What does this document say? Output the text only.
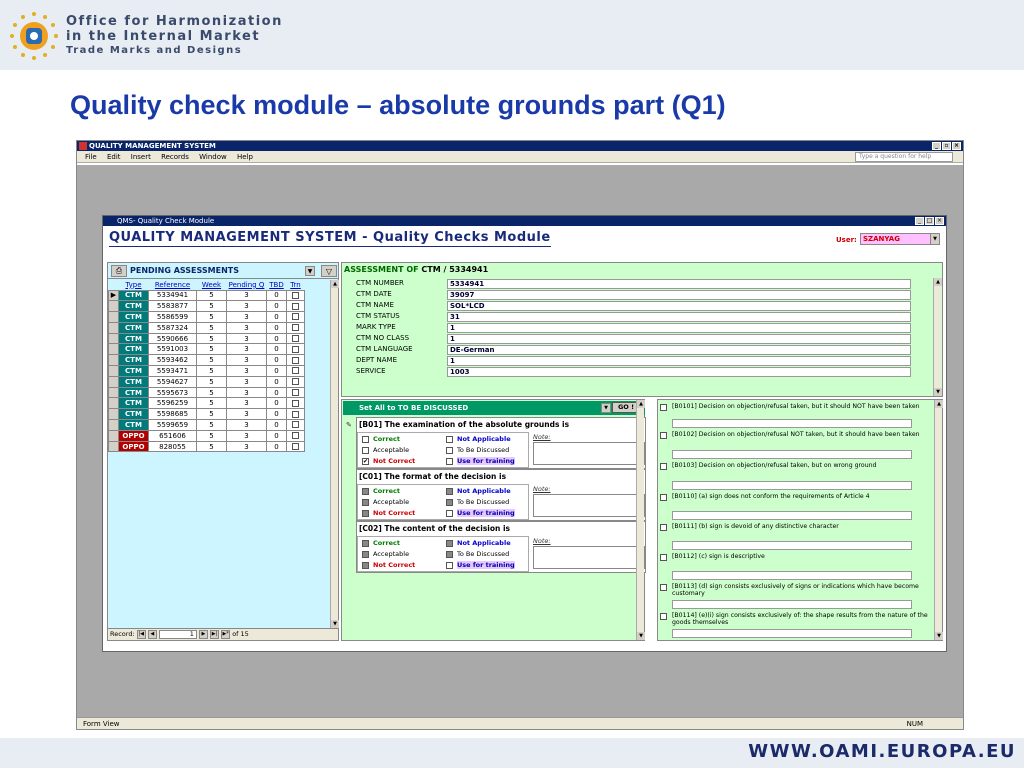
Office for Harmonization
in the Internal Market
Trade Marks and Designs
Quality check module – absolute grounds part (Q1)
QUALITY MANAGEMENT SYSTEM	_	▫ ×
File Edit Insert Records Window Help	Type a question for help
QMS- Quality Check Module	_ □ ×
QUALITY MANAGEMENT SYSTEM - Quality Checks Module	User: SZANYAG	▼
⎙ PENDING ASSESSMENTS	▼	▽
	Type	Reference	Week	Pending Q	TBD	Trn
▶	CTM	5334941	5	3	0	
	CTM	5583877	5	3	0	
	CTM	5586599	5	3	0	
	CTM	5587324	5	3	0	
	CTM	5590666	5	3	0	
	CTM	5591003	5	3	0	
	CTM	5593462	5	3	0	
	CTM	5593471	5	3	0	
	CTM	5594627	5	3	0	
	CTM	5595673	5	3	0	
	CTM	5596259	5	3	0	
	CTM	5598685	5	3	0	
	CTM	5599659	5	3	0	
	OPPO	651606	5	3	0	
	OPPO	828055	5	3	0	
▲
▼
Record: |◀ ◀	1 ▶ ▶| ▶* of 15
ASSESSMENT OF CTM / 5334941
CTM NUMBER	5334941
CTM DATE	39097
CTM NAME	SOL*LCD
CTM STATUS	31
MARK TYPE	1
CTM NO CLASS	1
CTM LANGUAGE	DE-German
DEPT NAME	1
SERVICE	1003
▲
▼
Set All to TO BE DISCUSSED	▼	GO !
✎ [B01] The examination of the absolute grounds is
Correct
Acceptable
✔Not Correct
Not Applicable
To Be Discussed
Use for training
Note:
[C01] The format of the decision is
Correct
Acceptable
Not Correct
Not Applicable
To Be Discussed
Use for training
Note:
[C02] The content of the decision is
Correct
Acceptable
Not Correct
Not Applicable
To Be Discussed
Use for training
Note:
▲
▼
[B0101] Decision on objection/refusal taken, but it should NOT have been taken
[B0102] Decision on objection/refusal NOT taken, but it should have been taken
[B0103] Decision on objection/refusal taken, but on wrong ground
[B0110] (a) sign does not conform the requirements of Article 4
[B0111] (b) sign is devoid of any distinctive character
[B0112] (c) sign is descriptive
[B0113] (d) sign consists exclusively of signs or indications which have become customary
[B0114] (e)(i) sign consists exclusively of: the shape results from the nature of the goods themselves
▲
▼
Form View	NUM
WWW.OAMI.EUROPA.EU
